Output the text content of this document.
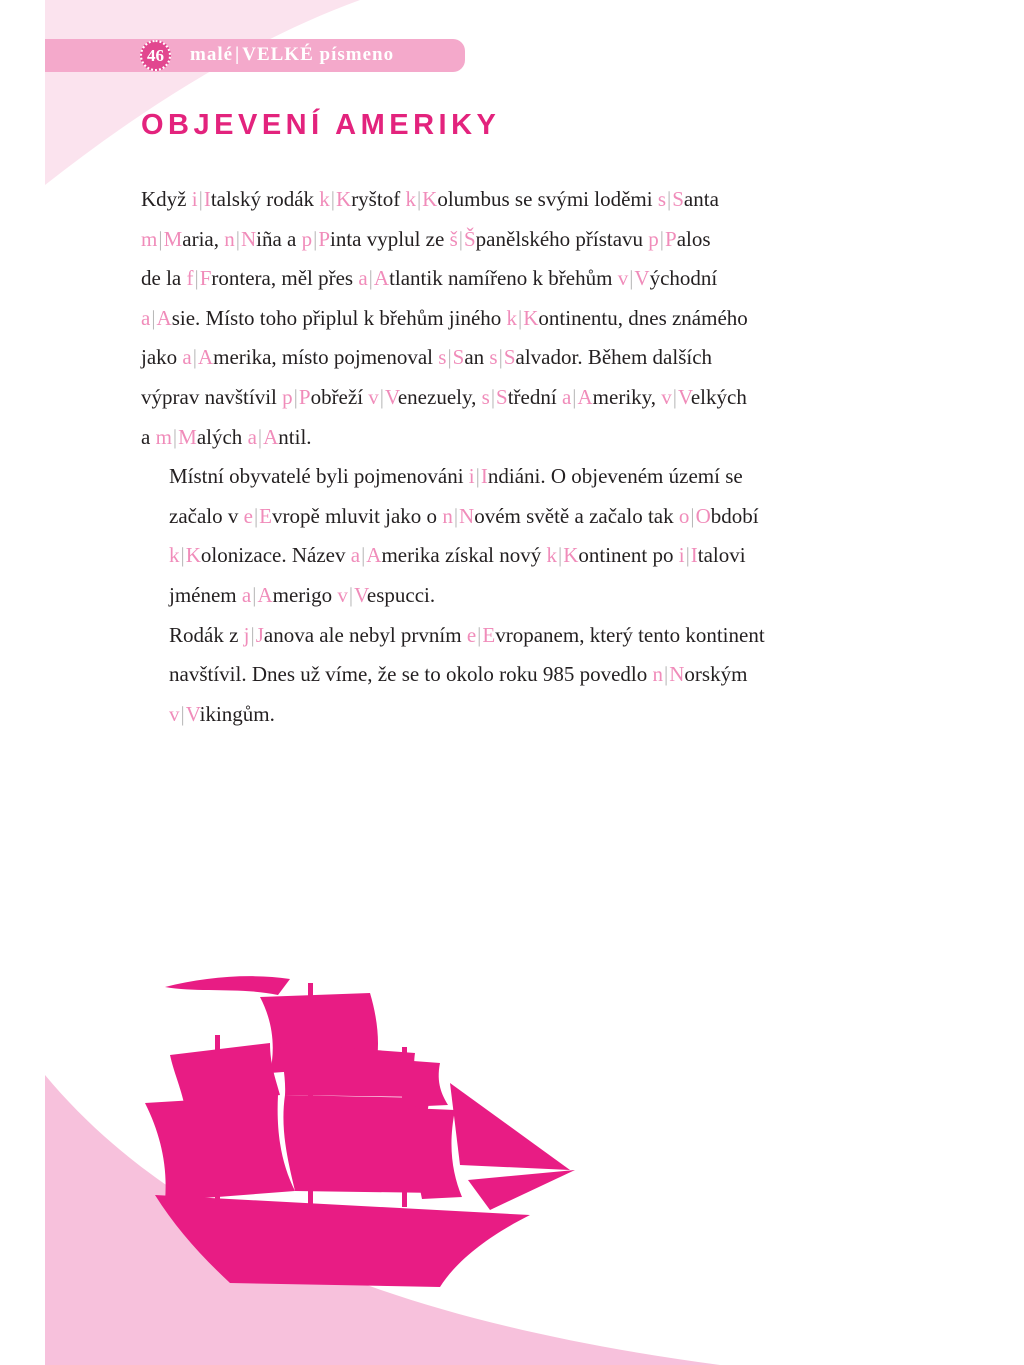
46	malé | VELKÉ písmeno
OBJEVENÍ AMERIKY

Když i|Italský rodák k|Kryštof k|Kolumbus se svými loděmi s|Santa
m|Maria, n|Niña a p|Pinta vyplul ze š|Španělského přístavu p|Palos
de la f|Frontera, měl přes a|Atlantik namířeno k břehům v|Východní
a|Asie. Místo toho připlul k břehům jiného k|Kontinentu, dnes známého
jako a|Amerika, místo pojmenoval s|San s|Salvador. Během dalších
výprav navštívil p|Pobřeží v|Venezuely, s|Střední a|Ameriky, v|Velkých
a m|Malých a|Antil.

Místní obyvatelé byli pojmenováni i|Indiáni. O objeveném území se
začalo v e|Evropě mluvit jako o n|Novém světě a začalo tak o|Období
k|Kolonizace. Název a|Amerika získal nový k|Kontinent po i|Italovi
jménem a|Amerigo v|Vespucci.

Rodák z j|Janova ale nebyl prvním e|Evropanem, který tento kontinent
navštívil. Dnes už víme, že se to okolo roku 985 povedlo n|Norským
v|Vikingům.
